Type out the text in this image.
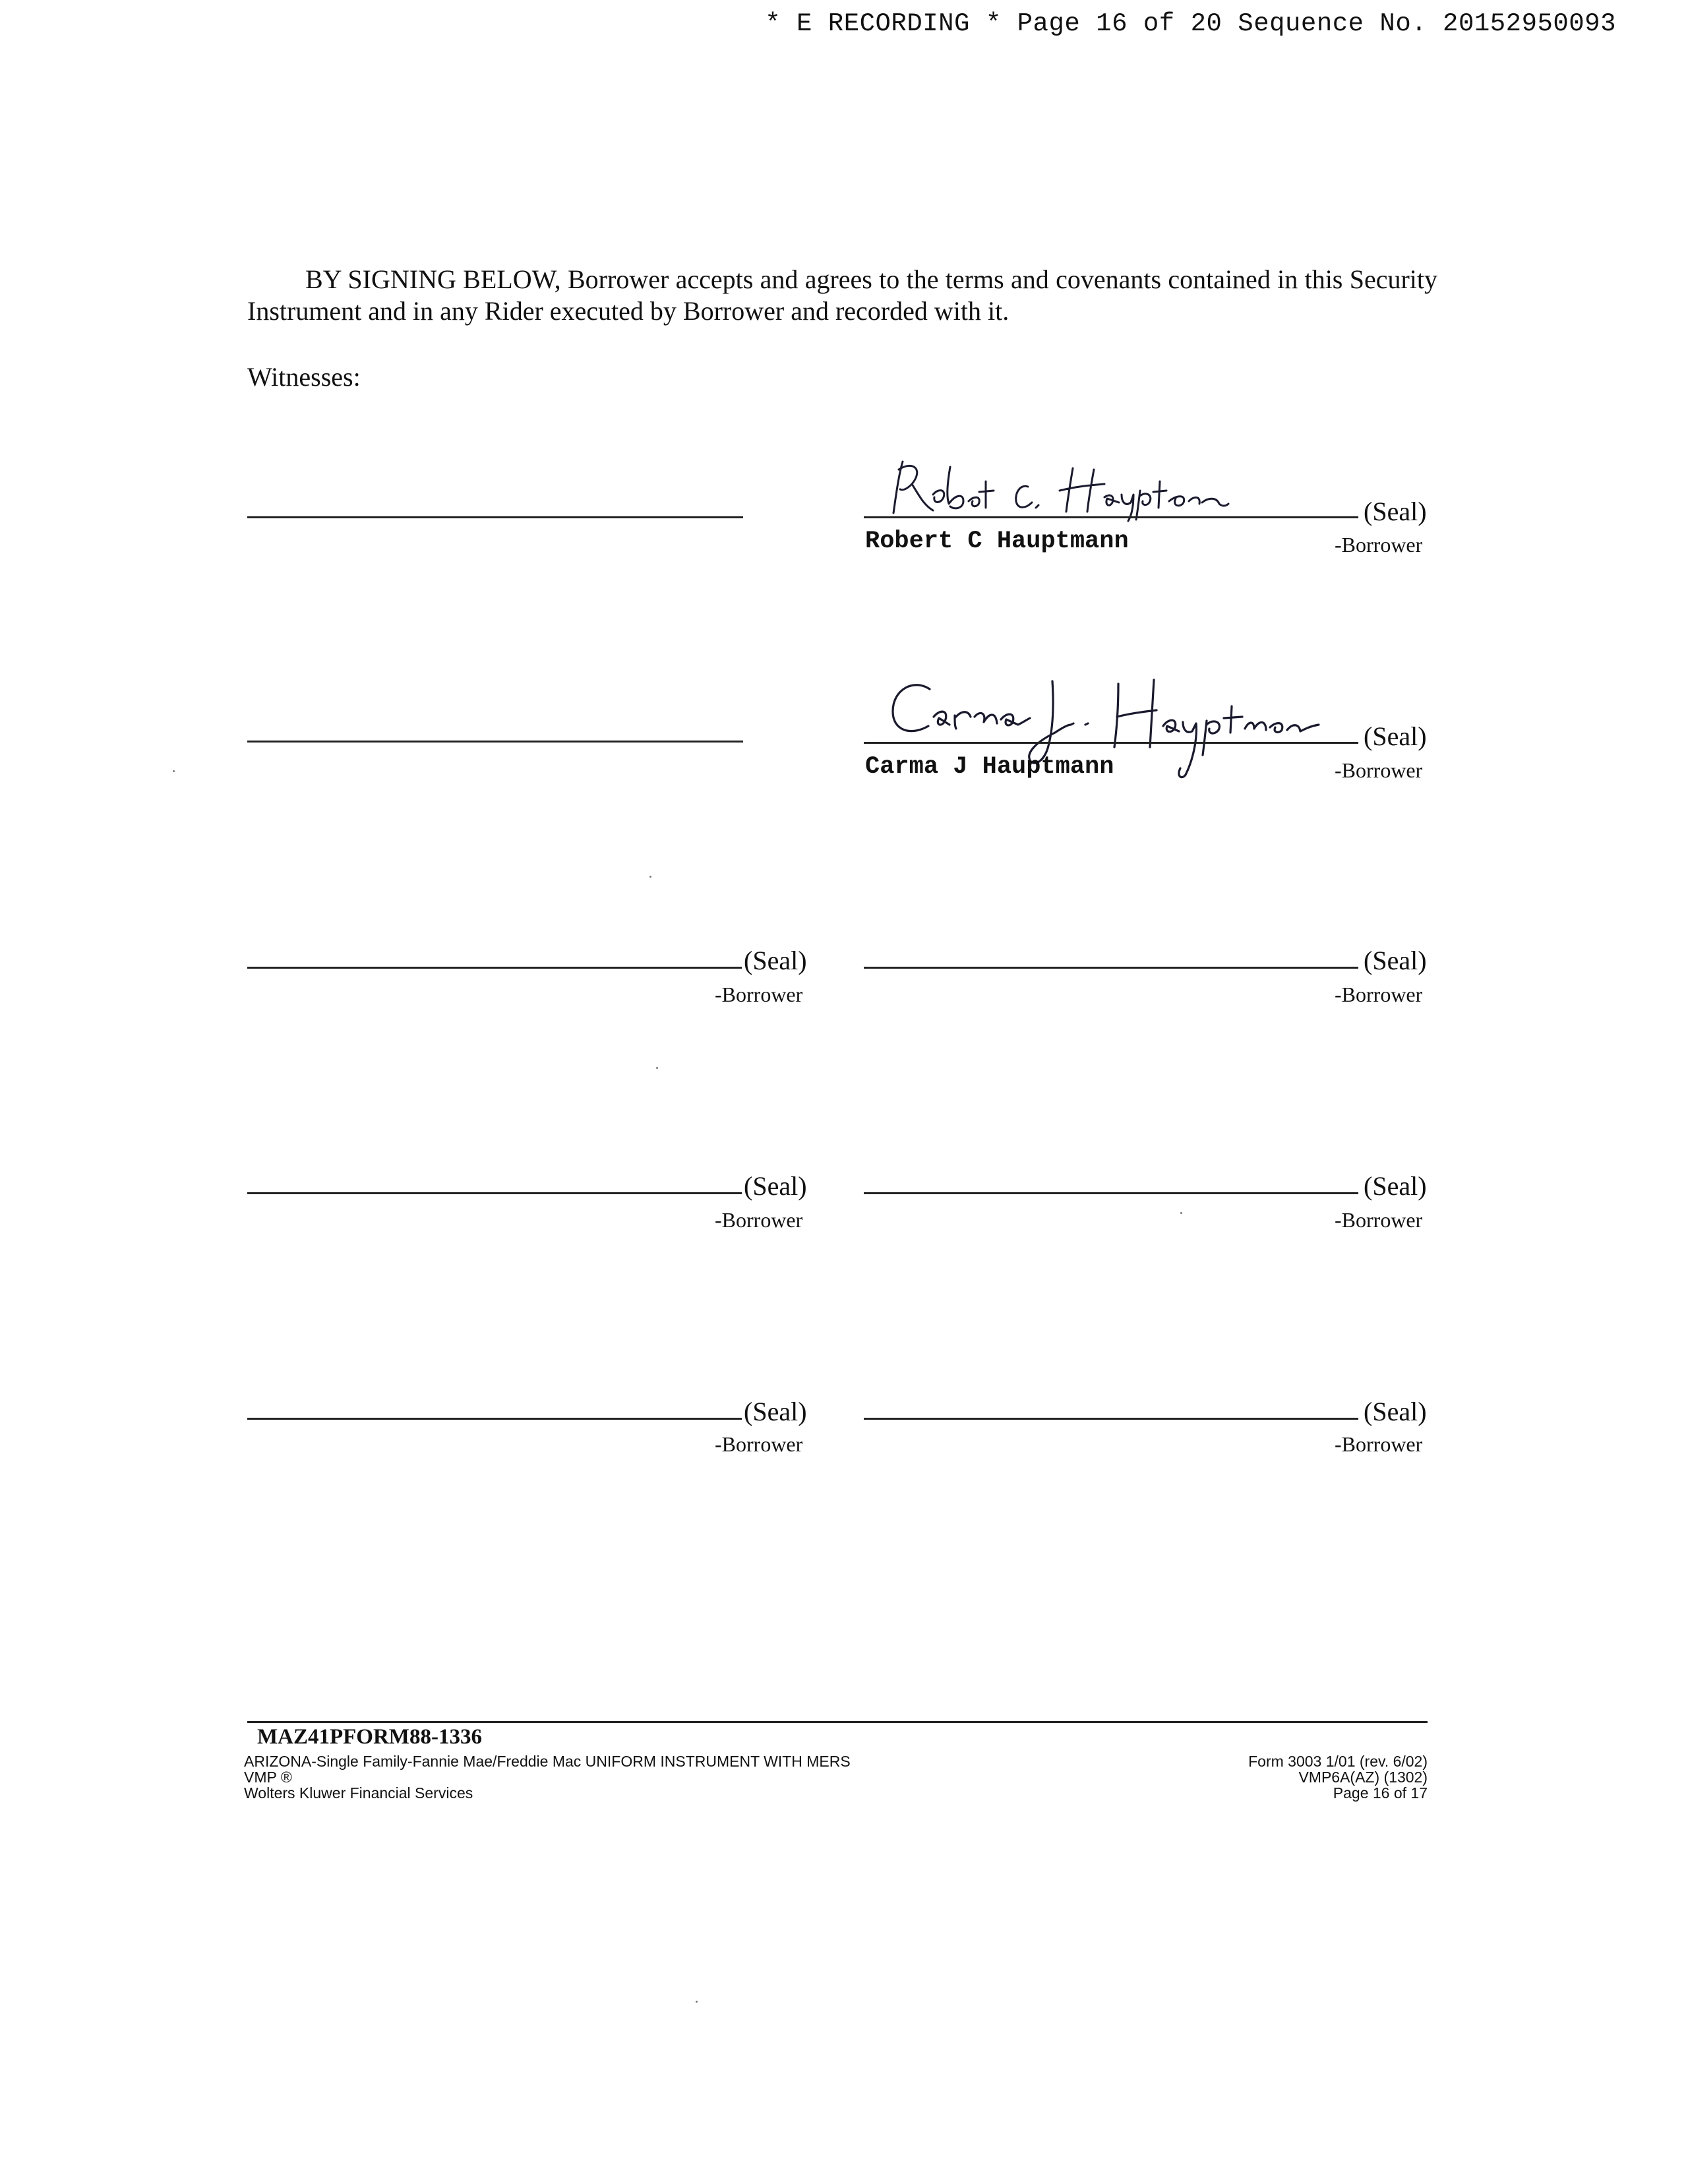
* E RECORDING * Page 16 of 20 Sequence No. 20152950093
BY SIGNING BELOW, Borrower accepts and agrees to the terms and covenants contained in this Security Instrument and in any Rider executed by Borrower and recorded with it.
Witnesses:
(Seal)
Robert C Hauptmann	-Borrower
(Seal)
Carma J Hauptmann	-Borrower
(Seal)
-Borrower
(Seal)
-Borrower
(Seal)
-Borrower
(Seal)
-Borrower
(Seal)
-Borrower
(Seal)
-Borrower
MAZ41PFORM88-1336
ARIZONA-Single Family-Fannie Mae/Freddie Mac UNIFORM INSTRUMENT WITH MERS
VMP ®
Wolters Kluwer Financial Services
Form 3003 1/01 (rev. 6/02)
VMP6A(AZ) (1302)
Page 16 of 17
